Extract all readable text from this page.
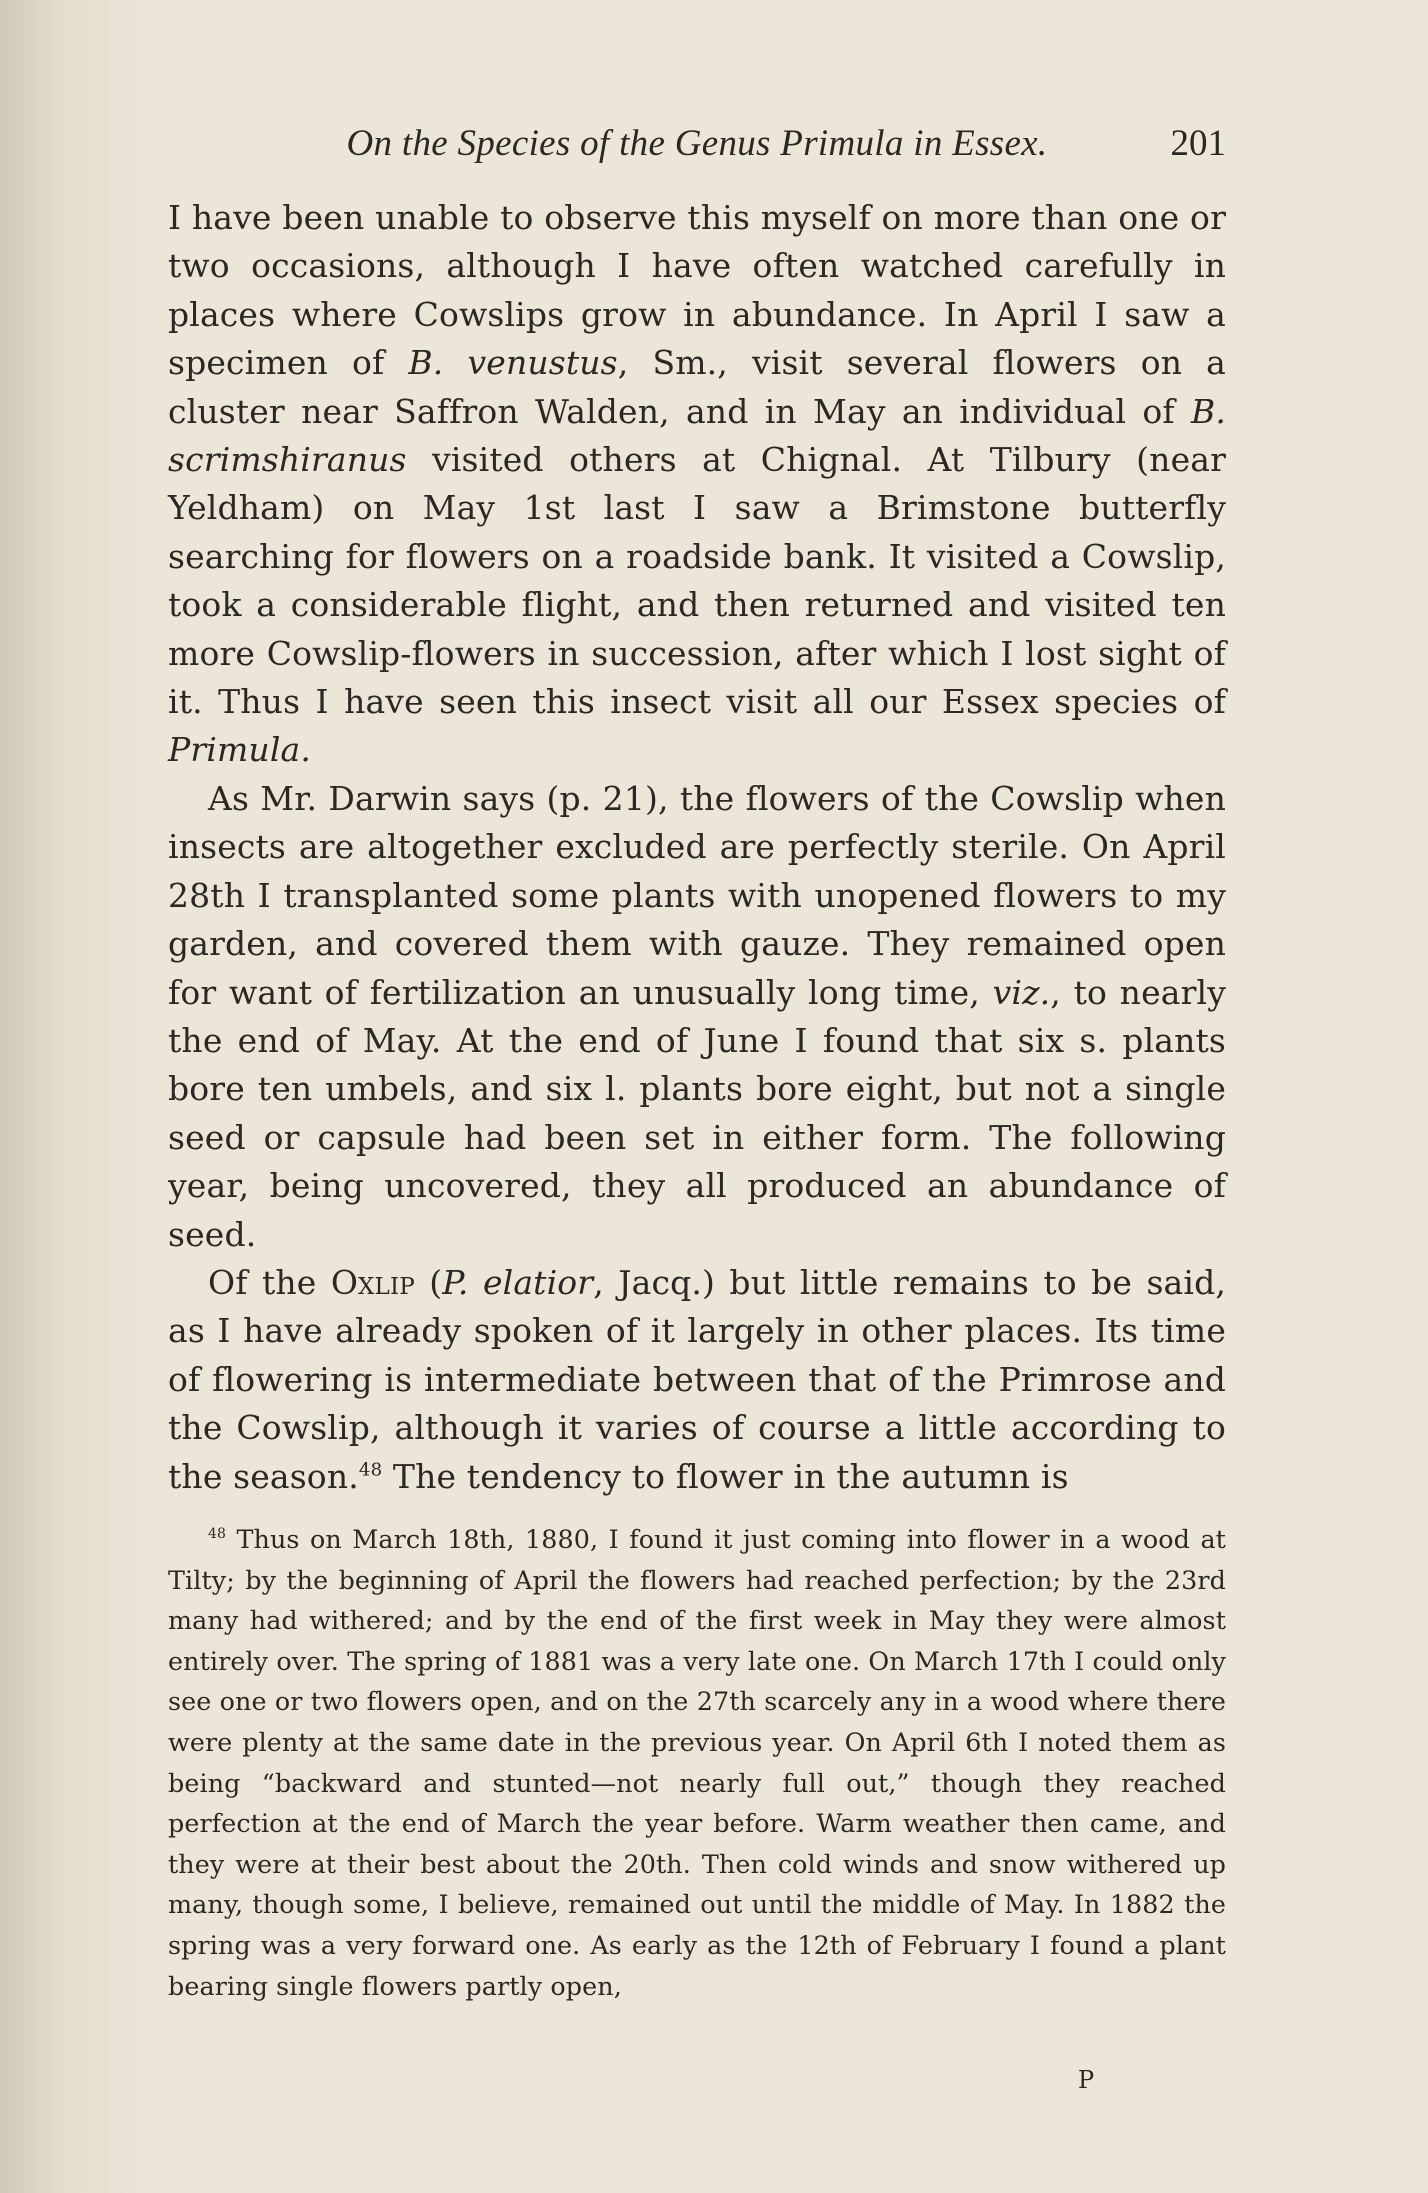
On the Species of the Genus Primula in Essex.	201

I have been unable to observe this myself on more than one or two occasions, although I have often watched carefully in places where Cowslips grow in abundance. In April I saw a specimen of B. venustus, Sm., visit several flowers on a cluster near Saffron Walden, and in May an individual of B. scrimshiranus visited others at Chignal. At Tilbury (near Yeldham) on May 1st last I saw a Brimstone butterfly searching for flowers on a roadside bank. It visited a Cowslip, took a considerable flight, and then returned and visited ten more Cowslip-flowers in succession, after which I lost sight of it. Thus I have seen this insect visit all our Essex species of Primula.

As Mr. Darwin says (p. 21), the flowers of the Cowslip when insects are altogether excluded are perfectly sterile. On April 28th I transplanted some plants with unopened flowers to my garden, and covered them with gauze. They remained open for want of fertilization an unusually long time, viz., to nearly the end of May. At the end of June I found that six s. plants bore ten umbels, and six l. plants bore eight, but not a single seed or capsule had been set in either form. The following year, being uncovered, they all produced an abundance of seed.

Of the Oxlip (P. elatior, Jacq.) but little remains to be said, as I have already spoken of it largely in other places. Its time of flowering is intermediate between that of the Primrose and the Cowslip, although it varies of course a little according to the season.$^{48}$ The tendency to flower in the autumn is

$^{48}$ Thus on March 18th, 1880, I found it just coming into flower in a wood at Tilty; by the beginning of April the flowers had reached perfection; by the 23rd many had withered; and by the end of the first week in May they were almost entirely over. The spring of 1881 was a very late one. On March 17th I could only see one or two flowers open, and on the 27th scarcely any in a wood where there were plenty at the same date in the previous year. On April 6th I noted them as being “backward and stunted—not nearly full out,” though they reached perfection at the end of March the year before. Warm weather then came, and they were at their best about the 20th. Then cold winds and snow withered up many, though some, I believe, remained out until the middle of May. In 1882 the spring was a very forward one. As early as the 12th of February I found a plant bearing single flowers partly open,

P
